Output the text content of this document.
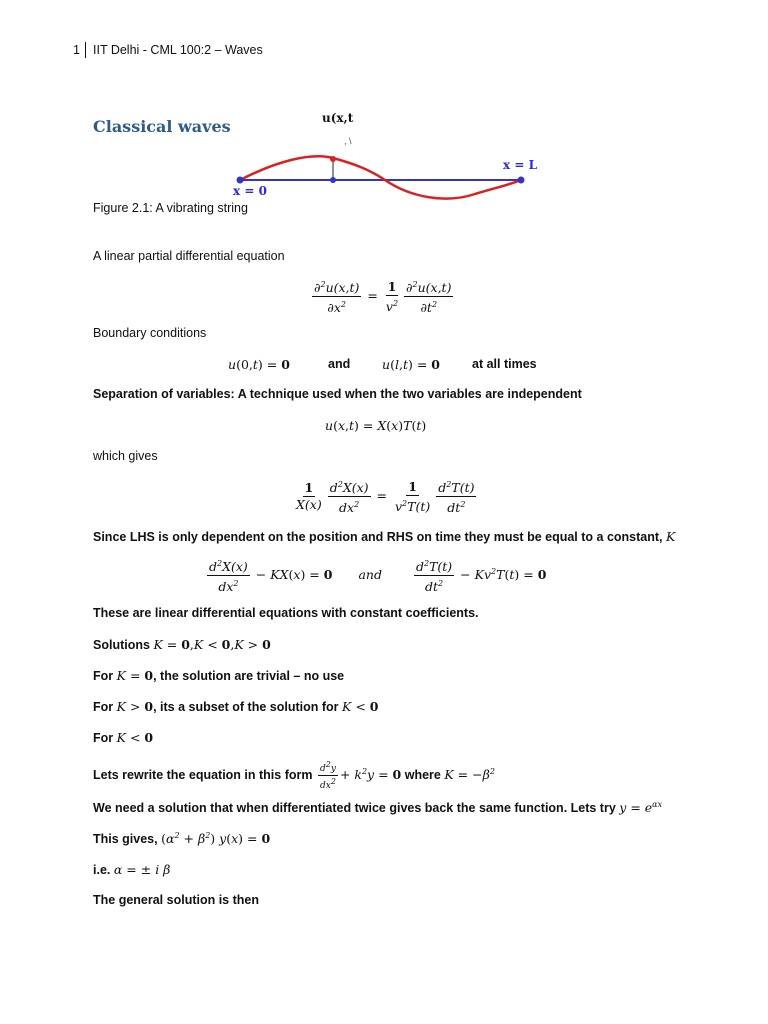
1 IIT Delhi - CML 100:2 – Waves
Classical waves	u(x,t
, \
x = 0
x = L
Figure 2.1: A vibrating string
A linear partial differential equation
$\frac{\partial^2u(x,t)}{\partial x^2} = \frac{1}{v^2} \frac{\partial^2u(x,t)}{\partial t^2}$
Boundary conditions
u(0,t) = 0	and	u(l,t) = 0	at all times
Separation of variables: A technique used when the two variables are independent
u(x,t) = X(x)T(t)
which gives
$\frac{1}{X(x)} \frac{d^2X(x)}{dx^2} = \frac{1}{v^2T(t)} \frac{d^2T(t)}{dt^2}$
Since LHS is only dependent on the position and RHS on time they must be equal to a constant, K
$\frac{d^2X(x)}{dx^2} - KX(x) = 0$ and	$\frac{d^2T(t)}{dt^2} - Kv^2T(t) = 0$
These are linear differential equations with constant coefficients.
Solutions K = 0,K < 0,K > 0
For K = 0, the solution are trivial – no use
For K > 0, its a subset of the solution for K < 0
For K < 0
Lets rewrite the equation in this form $\frac{d^2y}{dx^2} + k^2y = 0$ where $K = -\beta^2$
We need a solution that when differentiated twice gives back the same function. Lets try $y = e^{\alpha x}$
This gives, $(\alpha^2 + \beta^2) y(x) = 0$
i.e. α = ± i β
The general solution is then
